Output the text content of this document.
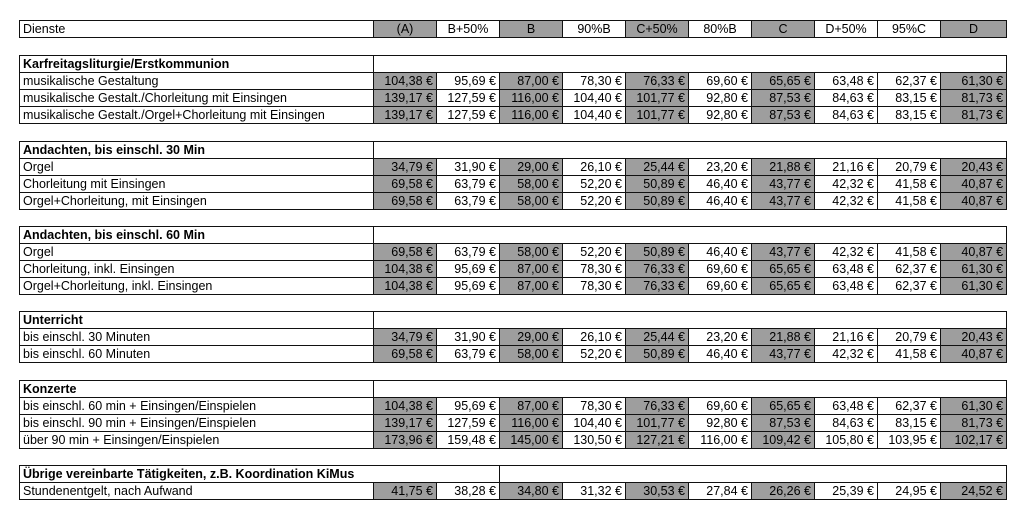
Dienste	(A)	B+50%	B	90%B	C+50%	80%B	C	D+50%	95%C	D
Karfreitagsliturgie/Erstkommunion										
musikalische Gestaltung	104,38 €	95,69 €	87,00 €	78,30 €	76,33 €	69,60 €	65,65 €	63,48 €	62,37 €	61,30 €
musikalische Gestalt./Chorleitung mit Einsingen	139,17 €	127,59 €	116,00 €	104,40 €	101,77 €	92,80 €	87,53 €	84,63 €	83,15 €	81,73 €
musikalische Gestalt./Orgel+Chorleitung mit Einsingen	139,17 €	127,59 €	116,00 €	104,40 €	101,77 €	92,80 €	87,53 €	84,63 €	83,15 €	81,73 €
Andachten, bis einschl. 30 Min										
Orgel	34,79 €	31,90 €	29,00 €	26,10 €	25,44 €	23,20 €	21,88 €	21,16 €	20,79 €	20,43 €
Chorleitung mit Einsingen	69,58 €	63,79 €	58,00 €	52,20 €	50,89 €	46,40 €	43,77 €	42,32 €	41,58 €	40,87 €
Orgel+Chorleitung, mit Einsingen	69,58 €	63,79 €	58,00 €	52,20 €	50,89 €	46,40 €	43,77 €	42,32 €	41,58 €	40,87 €
Andachten, bis einschl. 60 Min										
Orgel	69,58 €	63,79 €	58,00 €	52,20 €	50,89 €	46,40 €	43,77 €	42,32 €	41,58 €	40,87 €
Chorleitung, inkl. Einsingen	104,38 €	95,69 €	87,00 €	78,30 €	76,33 €	69,60 €	65,65 €	63,48 €	62,37 €	61,30 €
Orgel+Chorleitung, inkl. Einsingen	104,38 €	95,69 €	87,00 €	78,30 €	76,33 €	69,60 €	65,65 €	63,48 €	62,37 €	61,30 €
Unterricht										
bis einschl. 30 Minuten	34,79 €	31,90 €	29,00 €	26,10 €	25,44 €	23,20 €	21,88 €	21,16 €	20,79 €	20,43 €
bis einschl. 60 Minuten	69,58 €	63,79 €	58,00 €	52,20 €	50,89 €	46,40 €	43,77 €	42,32 €	41,58 €	40,87 €
Konzerte										
bis einschl. 60 min + Einsingen/Einspielen	104,38 €	95,69 €	87,00 €	78,30 €	76,33 €	69,60 €	65,65 €	63,48 €	62,37 €	61,30 €
bis einschl. 90 min + Einsingen/Einspielen	139,17 €	127,59 €	116,00 €	104,40 €	101,77 €	92,80 €	87,53 €	84,63 €	83,15 €	81,73 €
über 90 min + Einsingen/Einspielen	173,96 €	159,48 €	145,00 €	130,50 €	127,21 €	116,00 €	109,42 €	105,80 €	103,95 €	102,17 €
Übrige vereinbarte Tätigkeiten, z.B. Koordination KiMus										
Stundenentgelt, nach Aufwand	41,75 €	38,28 €	34,80 €	31,32 €	30,53 €	27,84 €	26,26 €	25,39 €	24,95 €	24,52 €
